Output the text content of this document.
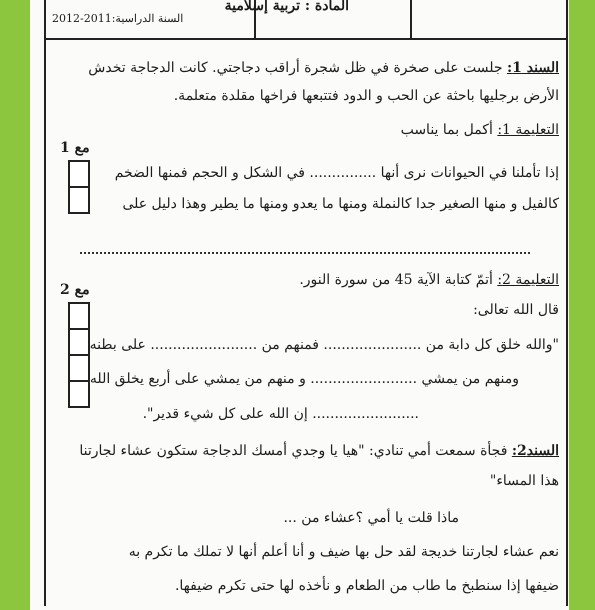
المادة : تربية إسلامية
السنة الدراسية:2011-2012
السند 1: جلست على صخرة في ظل شجرة أراقب دجاجتي. كانت الدجاجة تخدش
الأرض برجليها باحثة عن الحب و الدود فتتبعها فراخها مقلدة متعلمة.
التعليمة 1: أكمل بما يناسب
مع 1
إذا تأملنا في الحيوانات نرى أنها ............... في الشكل و الحجم فمنها الضخم
كالفيل و منها الصغير جدا كالنملة ومنها ما يعدو ومنها ما يطير وهذا دليل على
التعليمة 2: أتمّ كتابة الآية 45 من سورة النور.
مع 2
قال الله تعالى:
"والله خلق كل دابة من ...................... فمنهم من ........................ على بطنه
ومنهم من يمشي ........................ و منهم من يمشي على أربع يخلق الله
........................ إن الله على كل شيء قدير".
السند2: فجأة سمعت أمي تنادي: "هيا يا وجدي أمسك الدجاجة ستكون عشاء لجارتنا
هذا المساء"
ماذا قلت يا أمي ؟عشاء من ...
نعم عشاء لجارتنا خديجة لقد حل بها ضيف و أنا أعلم أنها لا تملك ما تكرم به
ضيفها إذا سنطبخ ما طاب من الطعام و نأخذه لها حتى تكرم ضيفها.
